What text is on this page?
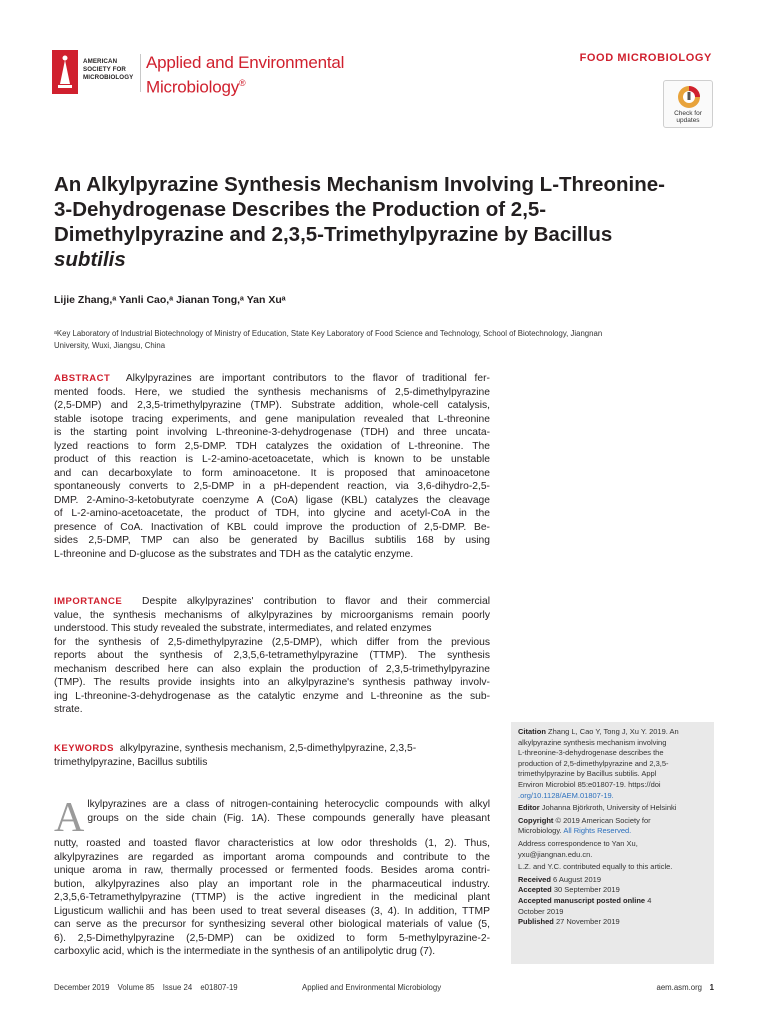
AMERICAN
SOCIETY FOR
MICROBIOLOGY
Applied and Environmental
Microbiology®
FOOD MICROBIOLOGY
Check for
updates
An Alkylpyrazine Synthesis Mechanism Involving L-Threonine-
3-Dehydrogenase Describes the Production of 2,5-
Dimethylpyrazine and 2,3,5-Trimethylpyrazine by Bacillus
subtilis
Lijie Zhang,ᵃ Yanli Cao,ᵃ Jianan Tong,ᵃ Yan Xuᵃ
ᵃKey Laboratory of Industrial Biotechnology of Ministry of Education, State Key Laboratory of Food Science and Technology, School of Biotechnology, Jiangnan
University, Wuxi, Jiangsu, China
ABSTRACT Alkylpyrazines are important contributors to the flavor of traditional fer-
mented foods. Here, we studied the synthesis mechanisms of 2,5-dimethylpyrazine
(2,5-DMP) and 2,3,5-trimethylpyrazine (TMP). Substrate addition, whole-cell catalysis,
stable isotope tracing experiments, and gene manipulation revealed that L-threonine
is the starting point involving L-threonine-3-dehydrogenase (TDH) and three uncata-
lyzed reactions to form 2,5-DMP. TDH catalyzes the oxidation of L-threonine. The
product of this reaction is L-2-amino-acetoacetate, which is known to be unstable
and can decarboxylate to form aminoacetone. It is proposed that aminoacetone
spontaneously converts to 2,5-DMP in a pH-dependent reaction, via 3,6-dihydro-2,5-
DMP. 2-Amino-3-ketobutyrate coenzyme A (CoA) ligase (KBL) catalyzes the cleavage
of L-2-amino-acetoacetate, the product of TDH, into glycine and acetyl-CoA in the
presence of CoA. Inactivation of KBL could improve the production of 2,5-DMP. Be-
sides 2,5-DMP, TMP can also be generated by Bacillus subtilis 168 by using
L-threonine and D-glucose as the substrates and TDH as the catalytic enzyme.
IMPORTANCE Despite alkylpyrazines' contribution to flavor and their commercial
value, the synthesis mechanisms of alkylpyrazines by microorganisms remain poorly
understood. This study revealed the substrate, intermediates, and related enzymes
for the synthesis of 2,5-dimethylpyrazine (2,5-DMP), which differ from the previous
reports about the synthesis of 2,3,5,6-tetramethylpyrazine (TTMP). The synthesis
mechanism described here can also explain the production of 2,3,5-trimethylpyrazine
(TMP). The results provide insights into an alkylpyrazine's synthesis pathway involv-
ing L-threonine-3-dehydrogenase as the catalytic enzyme and L-threonine as the sub-
strate.
KEYWORDS alkylpyrazine, synthesis mechanism, 2,5-dimethylpyrazine, 2,3,5-
trimethylpyrazine, Bacillus subtilis
A lkylpyrazines are a class of nitrogen-containing heterocyclic compounds with alkyl
groups on the side chain (Fig. 1A). These compounds generally have pleasant
nutty, roasted and toasted flavor characteristics at low odor thresholds (1, 2). Thus,
alkylpyrazines are regarded as important aroma compounds and contribute to the
unique aroma in raw, thermally processed or fermented foods. Besides aroma contri-
bution, alkylpyrazines also play an important role in the pharmaceutical industry.
2,3,5,6-Tetramethylpyrazine (TTMP) is the active ingredient in the medicinal plant
Ligusticum wallichii and has been used to treat several diseases (3, 4). In addition, TTMP
can serve as the precursor for synthesizing several other biological materials of value (5,
6). 2,5-Dimethylpyrazine (2,5-DMP) can be oxidized to form 5-methylpyrazine-2-
carboxylic acid, which is the intermediate in the synthesis of an antilipolytic drug (7).
Citation Zhang L, Cao Y, Tong J, Xu Y. 2019. An
alkylpyrazine synthesis mechanism involving
L-threonine-3-dehydrogenase describes the
production of 2,5-dimethylpyrazine and 2,3,5-
trimethylpyrazine by Bacillus subtilis. Appl
Environ Microbiol 85:e01807-19. https://doi
.org/10.1128/AEM.01807-19.
Editor Johanna Björkroth, University of Helsinki
Copyright © 2019 American Society for
Microbiology. All Rights Reserved.
Address correspondence to Yan Xu,
yxu@jiangnan.edu.cn.
L.Z. and Y.C. contributed equally to this article.
Received 6 August 2019
Accepted 30 September 2019
Accepted manuscript posted online 4
October 2019
Published 27 November 2019
December 2019 Volume 85 Issue 24 e01807-19	Applied and Environmental Microbiology	aem.asm.org 1
